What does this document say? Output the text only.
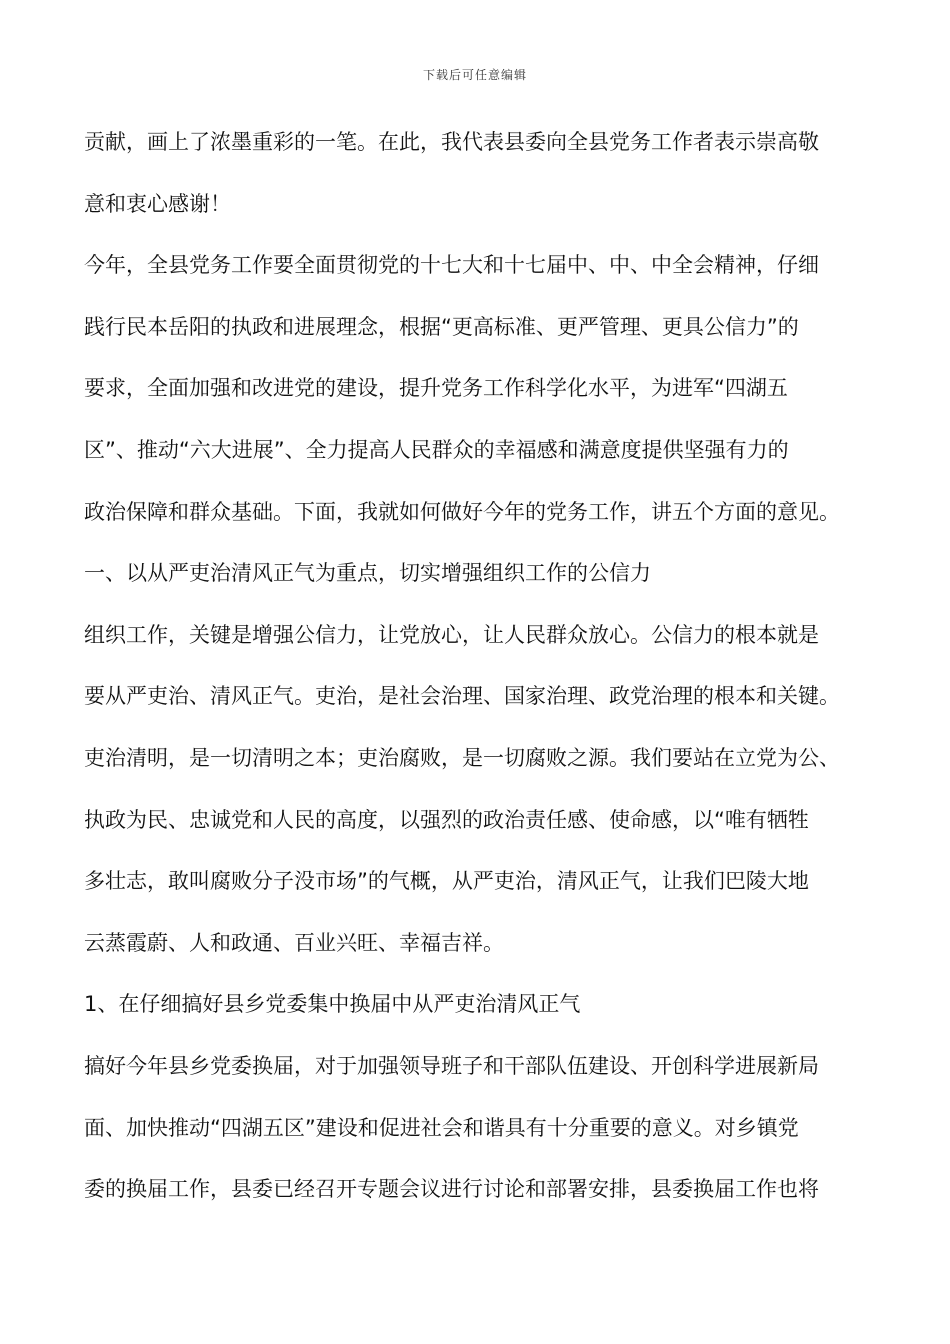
下载后可任意编辑
贡献，画上了浓墨重彩的一笔。在此，我代表县委向全县党务工作者表示崇高敬
意和衷心感谢！
今年，全县党务工作要全面贯彻党的十七大和十七届中、中、中全会精神，仔细
践行民本岳阳的执政和进展理念，根据“更高标准、更严管理、更具公信力”的
要求，全面加强和改进党的建设，提升党务工作科学化水平，为进军“四湖五
区”、推动“六大进展”、全力提高人民群众的幸福感和满意度提供坚强有力的
政治保障和群众基础。下面，我就如何做好今年的党务工作，讲五个方面的意见。
一、以从严吏治清风正气为重点，切实增强组织工作的公信力
组织工作，关键是增强公信力，让党放心，让人民群众放心。公信力的根本就是
要从严吏治、清风正气。吏治，是社会治理、国家治理、政党治理的根本和关键。
吏治清明，是一切清明之本；吏治腐败，是一切腐败之源。我们要站在立党为公、
执政为民、忠诚党和人民的高度，以强烈的政治责任感、使命感，以“唯有牺牲
多壮志，敢叫腐败分子没市场”的气概，从严吏治，清风正气，让我们巴陵大地
云蒸霞蔚、人和政通、百业兴旺、幸福吉祥。
1、在仔细搞好县乡党委集中换届中从严吏治清风正气
搞好今年县乡党委换届，对于加强领导班子和干部队伍建设、开创科学进展新局
面、加快推动“四湖五区”建设和促进社会和谐具有十分重要的意义。对乡镇党
委的换届工作，县委已经召开专题会议进行讨论和部署安排，县委换届工作也将
